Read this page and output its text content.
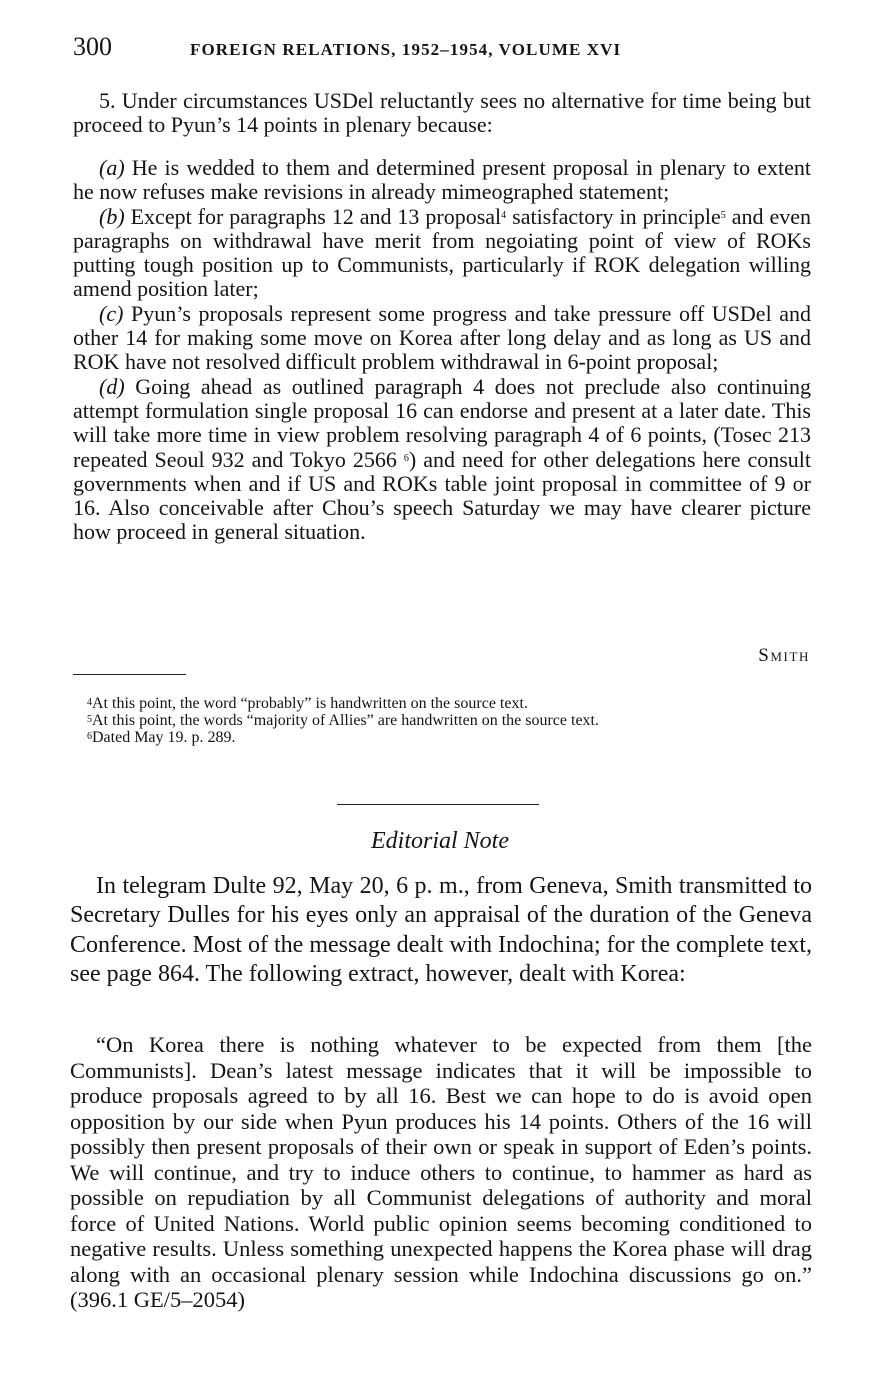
300	FOREIGN RELATIONS, 1952–1954, VOLUME XVI

5. Under circumstances USDel reluctantly sees no alternative for time being but proceed to Pyun’s 14 points in plenary because:

(a) He is wedded to them and determined present proposal in plenary to extent he now refuses make revisions in already mimeographed statement;

(b) Except for paragraphs 12 and 13 proposal$^4$ satisfactory in principle$^5$ and even paragraphs on withdrawal have merit from negoiating point of view of ROKs putting tough position up to Communists, particularly if ROK delegation willing amend position later;

(c) Pyun’s proposals represent some progress and take pressure off USDel and other 14 for making some move on Korea after long delay and as long as US and ROK have not resolved difficult problem withdrawal in 6-point proposal;

(d) Going ahead as outlined paragraph 4 does not preclude also continuing attempt formulation single proposal 16 can endorse and present at a later date. This will take more time in view problem resolving paragraph 4 of 6 points, (Tosec 213 repeated Seoul 932 and Tokyo 2566 $^6$) and need for other delegations here consult governments when and if US and ROKs table joint proposal in committee of 9 or 16. Also conceivable after Chou’s speech Saturday we may have clearer picture how proceed in general situation.

Smith

$^4$At this point, the word “probably” is handwritten on the source text.

$^5$At this point, the words “majority of Allies” are handwritten on the source text.

$^6$Dated May 19. p. 289.

Editorial Note

In telegram Dulte 92, May 20, 6 p. m., from Geneva, Smith transmitted to Secretary Dulles for his eyes only an appraisal of the duration of the Geneva Conference. Most of the message dealt with Indochina; for the complete text, see page 864. The following extract, however, dealt with Korea:

“On Korea there is nothing whatever to be expected from them [the Communists]. Dean’s latest message indicates that it will be impossible to produce proposals agreed to by all 16. Best we can hope to do is avoid open opposition by our side when Pyun produces his 14 points. Others of the 16 will possibly then present proposals of their own or speak in support of Eden’s points. We will continue, and try to induce others to continue, to hammer as hard as possible on repudiation by all Communist delegations of authority and moral force of United Nations. World public opinion seems becoming conditioned to negative results. Unless something unexpected happens the Korea phase will drag along with an occasional plenary session while Indochina discussions go on.” (396.1 GE/5–2054)
